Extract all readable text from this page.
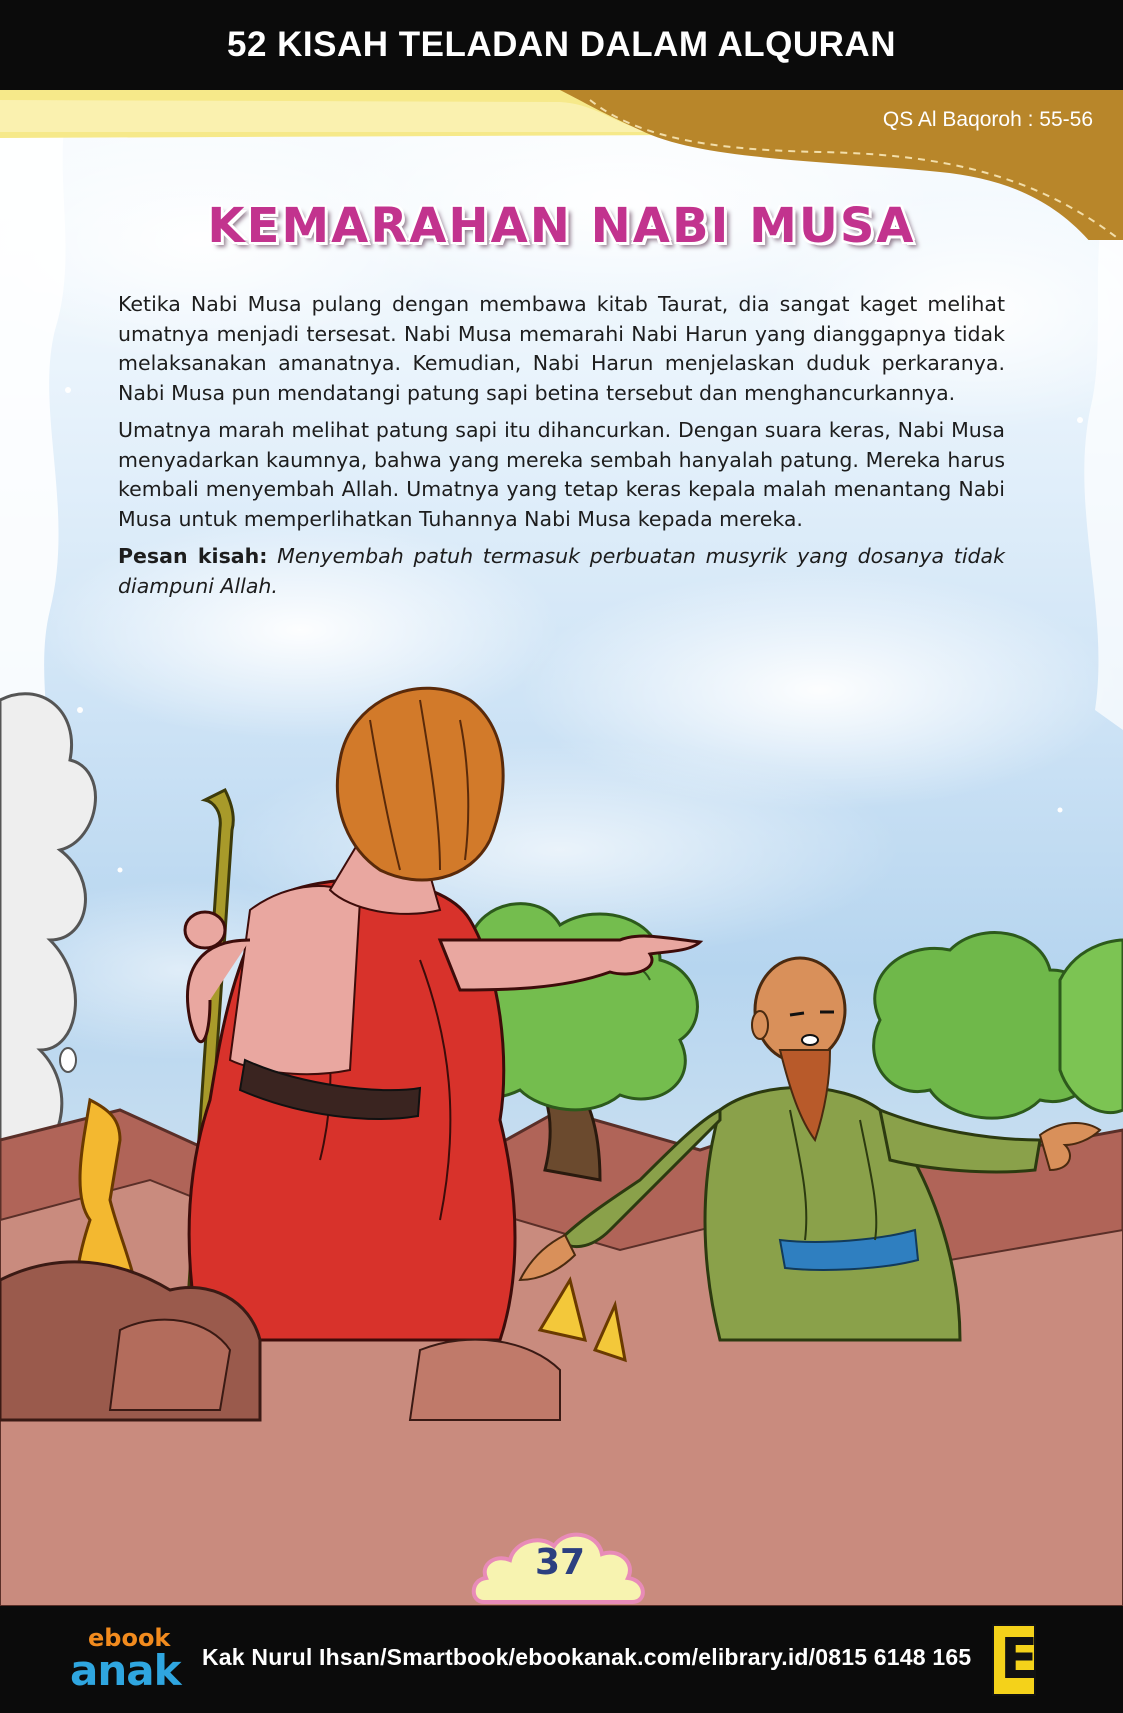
52 KISAH TELADAN DALAM ALQURAN
QS Al Baqoroh : 55-56
KEMARAHAN NABI MUSA

Ketika Nabi Musa pulang dengan membawa kitab Taurat, dia sangat kaget melihat umatnya menjadi tersesat. Nabi Musa memarahi Nabi Harun yang dianggapnya tidak melaksanakan amanatnya. Kemudian, Nabi Harun menjelaskan duduk perkaranya. Nabi Musa pun mendatangi patung sapi betina tersebut dan menghancurkannya.

Umatnya marah melihat patung sapi itu dihancurkan. Dengan suara keras, Nabi Musa menyadarkan kaumnya, bahwa yang mereka sembah hanyalah patung. Mereka harus kembali menyembah Allah. Umatnya yang tetap keras kepala malah menantang Nabi Musa untuk memperlihatkan Tuhannya Nabi Musa kepada mereka.

Pesan kisah: Menyembah patuh termasuk perbuatan musyrik yang dosanya tidak diampuni Allah.

37
ebook
anak Kak Nurul Ihsan/Smartbook/ebookanak.com/elibrary.id/0815 6148 165 E
